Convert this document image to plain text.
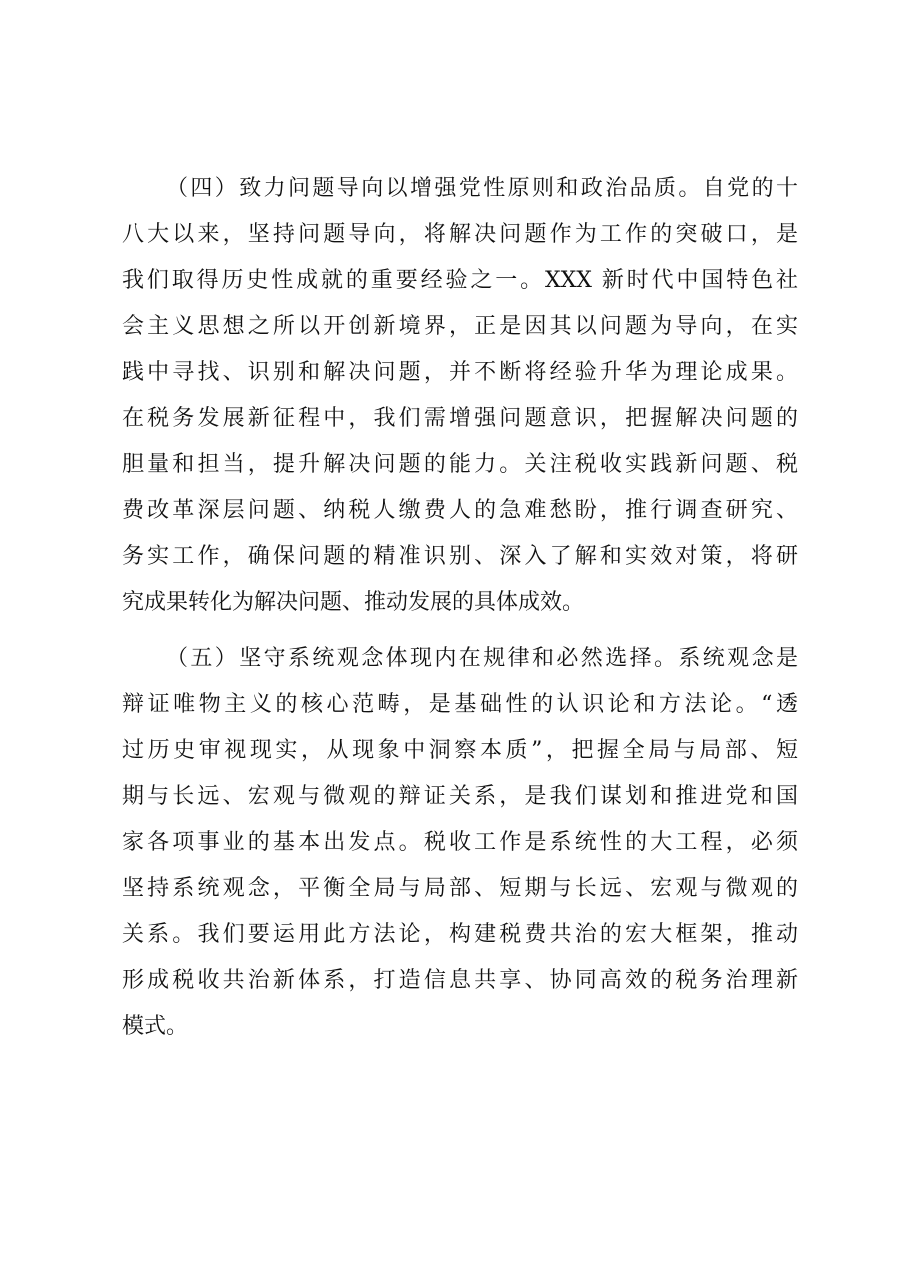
（四）致力问题导向以增强党性原则和政治品质。自党的十
八大以来，坚持问题导向，将解决问题作为工作的突破口，是
我们取得历史性成就的重要经验之一。XXX 新时代中国特色社
会主义思想之所以开创新境界，正是因其以问题为导向，在实
践中寻找、识别和解决问题，并不断将经验升华为理论成果。
在税务发展新征程中，我们需增强问题意识，把握解决问题的
胆量和担当，提升解决问题的能力。关注税收实践新问题、税
费改革深层问题、纳税人缴费人的急难愁盼，推行调查研究、
务实工作，确保问题的精准识别、深入了解和实效对策，将研
究成果转化为解决问题、推动发展的具体成效。
（五）坚守系统观念体现内在规律和必然选择。系统观念是
辩证唯物主义的核心范畴，是基础性的认识论和方法论。“透
过历史审视现实，从现象中洞察本质”，把握全局与局部、短
期与长远、宏观与微观的辩证关系，是我们谋划和推进党和国
家各项事业的基本出发点。税收工作是系统性的大工程，必须
坚持系统观念，平衡全局与局部、短期与长远、宏观与微观的
关系。我们要运用此方法论，构建税费共治的宏大框架，推动
形成税收共治新体系，打造信息共享、协同高效的税务治理新
模式。
